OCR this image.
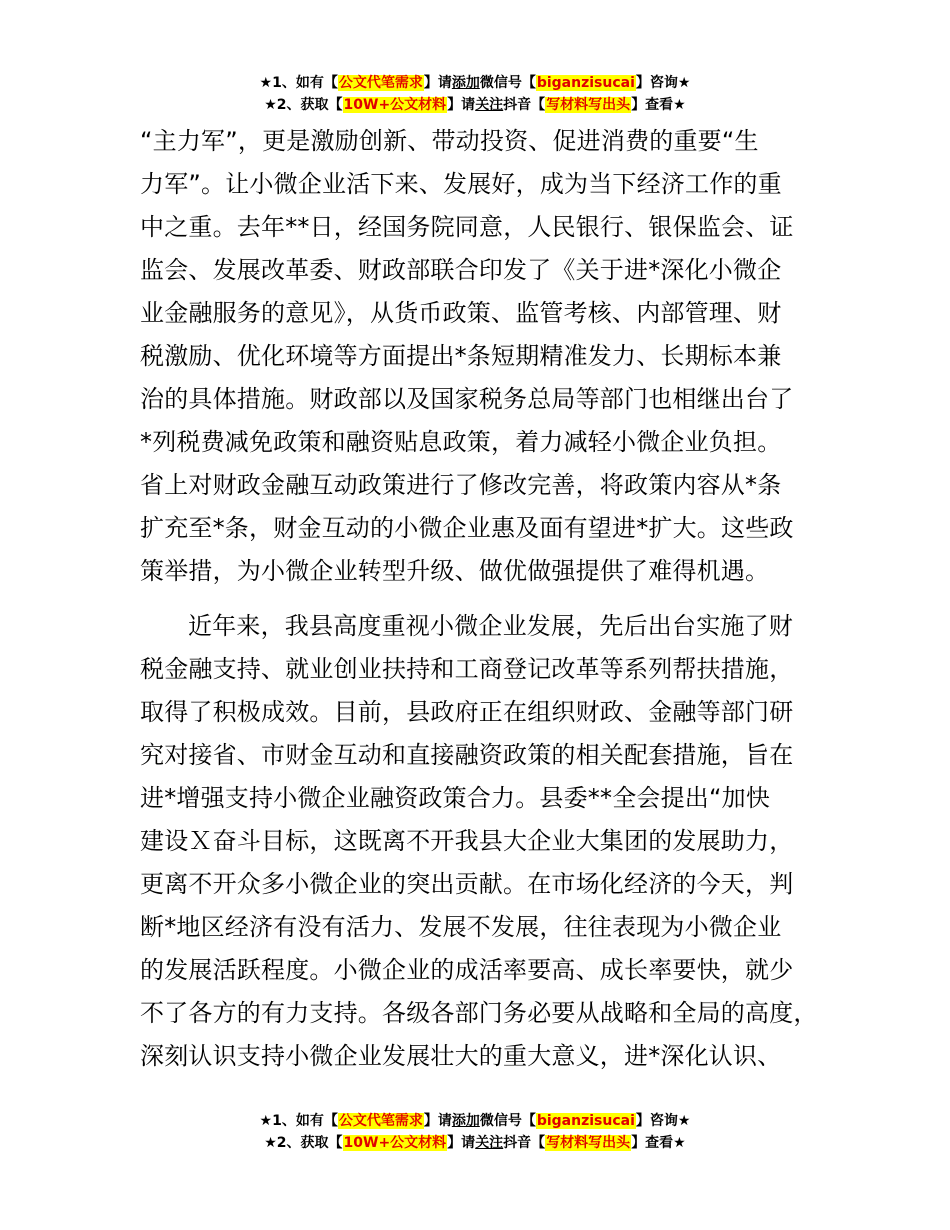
★1、如有【公文代笔需求】请添加微信号【biganzisucai】咨询★
★2、获取【10W+公文材料】请关注抖音【写材料写出头】查看★
“主力军”，更是激励创新、带动投资、促进消费的重要“生
力军”。让小微企业活下来、发展好，成为当下经济工作的重
中之重。去年**日，经国务院同意，人民银行、银保监会、证
监会、发展改革委、财政部联合印发了《关于进*深化小微企
业金融服务的意见》，从货币政策、监管考核、内部管理、财
税激励、优化环境等方面提出*条短期精准发力、长期标本兼
治的具体措施。财政部以及国家税务总局等部门也相继出台了
*列税费减免政策和融资贴息政策，着力减轻小微企业负担。
省上对财政金融互动政策进行了修改完善，将政策内容从*条
扩充至*条，财金互动的小微企业惠及面有望进*扩大。这些政
策举措，为小微企业转型升级、做优做强提供了难得机遇。
近年来，我县高度重视小微企业发展，先后出台实施了财
税金融支持、就业创业扶持和工商登记改革等系列帮扶措施，
取得了积极成效。目前，县政府正在组织财政、金融等部门研
究对接省、市财金互动和直接融资政策的相关配套措施，旨在
进*增强支持小微企业融资政策合力。县委**全会提出“加快
建设Ｘ奋斗目标，这既离不开我县大企业大集团的发展助力，
更离不开众多小微企业的突出贡献。在市场化经济的今天，判
断*地区经济有没有活力、发展不发展，往往表现为小微企业
的发展活跃程度。小微企业的成活率要高、成长率要快，就少
不了各方的有力支持。各级各部门务必要从战略和全局的高度，
深刻认识支持小微企业发展壮大的重大意义，进*深化认识、
★1、如有【公文代笔需求】请添加微信号【biganzisucai】咨询★
★2、获取【10W+公文材料】请关注抖音【写材料写出头】查看★
